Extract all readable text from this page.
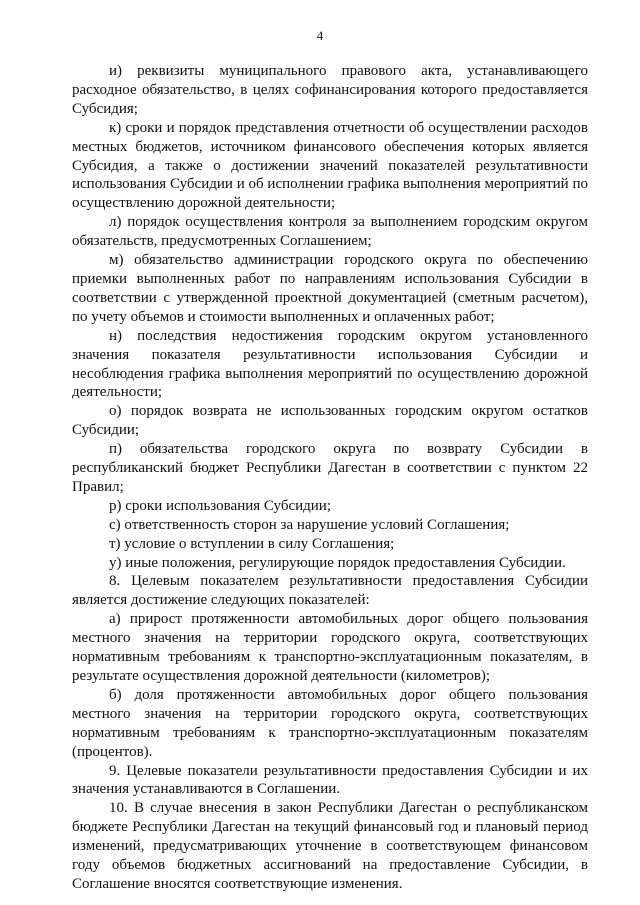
4

и) реквизиты муниципального правового акта, устанавливающего расходное обязательство, в целях софинансирования которого предоставляется Субсидия;

к) сроки и порядок представления отчетности об осуществлении расходов местных бюджетов, источником финансового обеспечения которых является Субсидия, а также о достижении значений показателей результативности использования Субсидии и об исполнении графика выполнения мероприятий по осуществлению дорожной деятельности;

л) порядок осуществления контроля за выполнением городским округом обязательств, предусмотренных Соглашением;

м) обязательство администрации городского округа по обеспечению приемки выполненных работ по направлениям использования Субсидии в соответствии с утвержденной проектной документацией (сметным расчетом), по учету объемов и стоимости выполненных и оплаченных работ;

н) последствия недостижения городским округом установленного значения показателя результативности использования Субсидии и несоблюдения графика выполнения мероприятий по осуществлению дорожной деятельности;

о) порядок возврата не использованных городским округом остатков Субсидии;

п) обязательства городского округа по возврату Субсидии в республиканский бюджет Республики Дагестан в соответствии с пунктом 22 Правил;

р) сроки использования Субсидии;

с) ответственность сторон за нарушение условий Соглашения;

т) условие о вступлении в силу Соглашения;

у) иные положения, регулирующие порядок предоставления Субсидии.

8. Целевым показателем результативности предоставления Субсидии является достижение следующих показателей:

а) прирост протяженности автомобильных дорог общего пользования местного значения на территории городского округа, соответствующих нормативным требованиям к транспортно-эксплуатационным показателям, в результате осуществления дорожной деятельности (километров);

б) доля протяженности автомобильных дорог общего пользования местного значения на территории городского округа, соответствующих нормативным требованиям к транспортно-эксплуатационным показателям (процентов).

9. Целевые показатели результативности предоставления Субсидии и их значения устанавливаются в Соглашении.

10. В случае внесения в закон Республики Дагестан о республиканском бюджете Республики Дагестан на текущий финансовый год и плановый период изменений, предусматривающих уточнение в соответствующем финансовом году объемов бюджетных ассигнований на предоставление Субсидии, в Соглашение вносятся соответствующие изменения.
